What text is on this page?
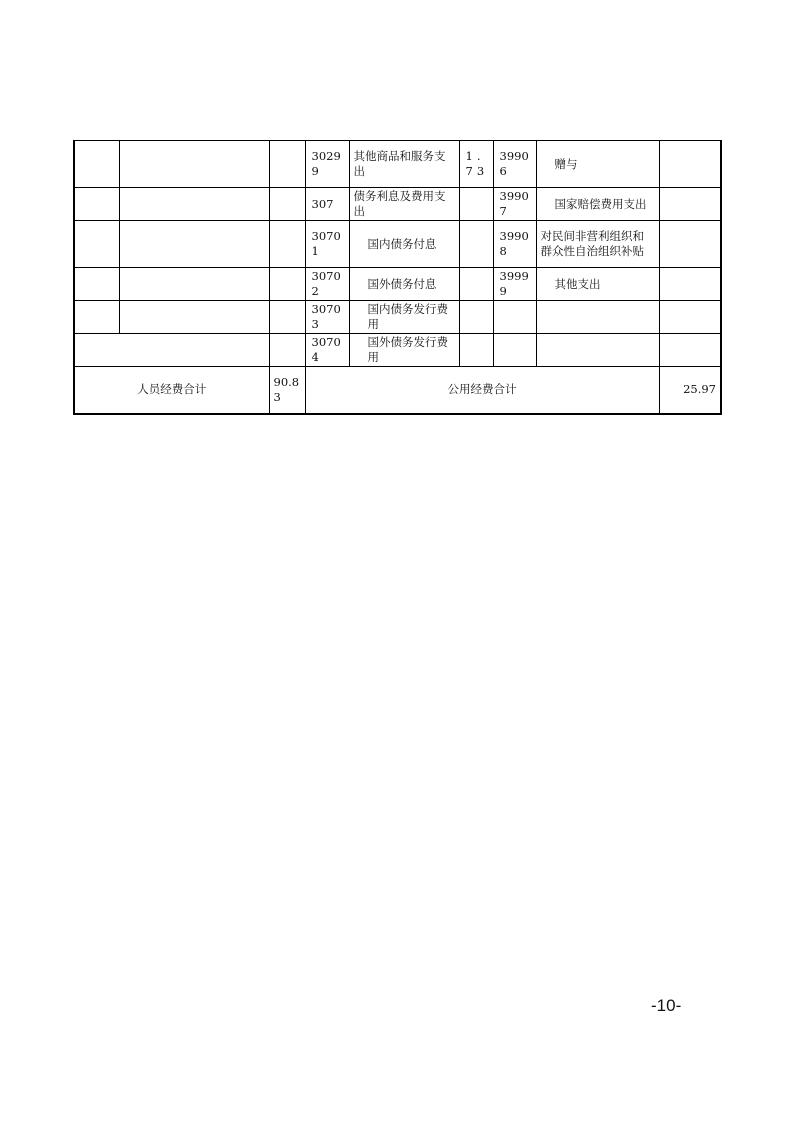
			30299	其他商品和服务支出	1.73	39906	赠与	
			307	债务利息及费用支出		39907	国家赔偿费用支出	
			30701	国内债务付息		39908	对民间非营利组织和群众性自治组织补贴	
			30702	国外债务付息		39999	其他支出	
			30703	国内债务发行费用				
			30704	国外债务发行费用				
人员经费合计		90.83	公用经费合计					25.97
-10-
